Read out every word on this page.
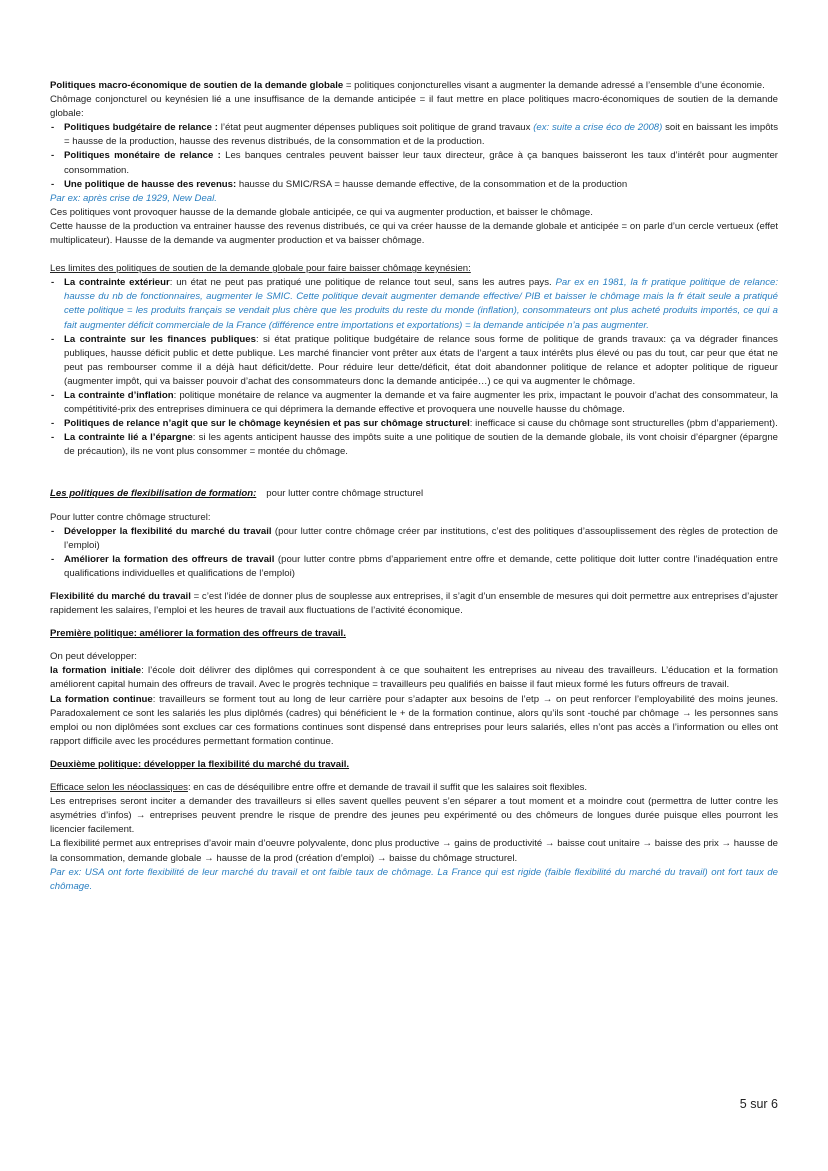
Politiques macro-économique de soutien de la demande globale = politiques conjoncturelles visant a augmenter la demande adressé a l’ensemble d’une économie.

Chômage conjoncturel ou keynésien lié a une insuffisance de la demande anticipée = il faut mettre en place politiques macro-économiques de soutien de la demande globale:

- Politiques budgétaire de relance : l’état peut augmenter dépenses publiques soit politique de grand travaux (ex: suite a crise éco de 2008) soit en baissant les impôts = hausse de la production, hausse des revenus distribués, de la consommation et de la production.
- Politiques monétaire de relance : Les banques centrales peuvent baisser leur taux directeur, grâce à ça banques baisseront les taux d’intérêt pour augmenter consommation.
- Une politique de hausse des revenus: hausse du SMIC/RSA = hausse demande effective, de la consommation et de la production

Par ex: après crise de 1929, New Deal.

Ces politiques vont provoquer hausse de la demande globale anticipée, ce qui va augmenter production, et baisser le chômage.

Cette hausse de la production va entrainer hausse des revenus distribués, ce qui va créer hausse de la demande globale et anticipée = on parle d’un cercle vertueux (effet multiplicateur). Hausse de la demande va augmenter production et va baisser chômage.

Les limites des politiques de soutien de la demande globale pour faire baisser chômage keynésien:

- La contrainte extérieur: un état ne peut pas pratiqué une politique de relance tout seul, sans les autres pays. Par ex en 1981, la fr pratique politique de relance: hausse du nb de fonctionnaires, augmenter le SMIC. Cette politique devait augmenter demande effective/ PIB et baisser le chômage mais la fr était seule a pratiqué cette politique = les produits français se vendait plus chère que les produits du reste du monde (inflation), consommateurs ont plus acheté produits importés, ce qui a fait augmenter déficit commerciale de la France (différence entre importations et exportations) = la demande anticipée n’a pas augmenter.
- La contrainte sur les finances publiques: si état pratique politique budgétaire de relance sous forme de politique de grands travaux: ça va dégrader finances publiques, hausse déficit public et dette publique. Les marché financier vont prêter aux états de l’argent a taux intérêts plus élevé ou pas du tout, car peur que état ne peut pas rembourser comme il a déjà haut déficit/dette. Pour réduire leur dette/déficit, état doit abandonner politique de relance et adopter politique de rigueur (augmenter impôt, qui va baisser pouvoir d’achat des consommateurs donc la demande anticipée…) ce qui va augmenter le chômage.
- La contrainte d’inflation: politique monétaire de relance va augmenter la demande et va faire augmenter les prix, impactant le pouvoir d’achat des consommateur, la compétitivité-prix des entreprises diminuera ce qui déprimera la demande effective et provoquera une nouvelle hausse du chômage.
- Politiques de relance n’agit que sur le chômage keynésien et pas sur chômage structurel: inefficace si cause du chômage sont structurelles (pbm d’appariement).
- La contrainte lié a l’épargne: si les agents anticipent hausse des impôts suite a une politique de soutien de la demande globale, ils vont choisir d’épargner (épargne de précaution), ils ne vont plus consommer = montée du chômage.

Les politiques de flexibilisation de formation: pour lutter contre chômage structurel

Pour lutter contre chômage structurel:

- Développer la flexibilité du marché du travail (pour lutter contre chômage créer par institutions, c’est des politiques d’assouplissement des règles de protection de l’emploi)
- Améliorer la formation des offreurs de travail (pour lutter contre pbms d’appariement entre offre et demande, cette politique doit lutter contre l’inadéquation entre qualifications individuelles et qualifications de l’emploi)

Flexibilité du marché du travail = c’est l’idée de donner plus de souplesse aux entreprises, il s’agit d’un ensemble de mesures qui doit permettre aux entreprises d’ajuster rapidement les salaires, l’emploi et les heures de travail aux fluctuations de l’activité économique.

Première politique: améliorer la formation des offreurs de travail.

On peut développer:

la formation initiale: l’école doit délivrer des diplômes qui correspondent à ce que souhaitent les entreprises au niveau des travailleurs. L’éducation et la formation améliorent capital humain des offreurs de travail. Avec le progrès technique = travailleurs peu qualifiés en baisse il faut mieux formé les futurs offreurs de travail.

La formation continue: travailleurs se forment tout au long de leur carrière pour s’adapter aux besoins de l’etp → on peut renforcer l’employabilité des moins jeunes. Paradoxalement ce sont les salariés les plus diplômés (cadres) qui bénéficient le + de la formation continue, alors qu’ils sont -touché par chômage → les personnes sans emploi ou non diplômées sont exclues car ces formations continues sont dispensé dans entreprises pour leurs salariés, elles n’ont pas accès a l’information ou elles ont rapport difficile avec les procédures permettant formation continue.

Deuxième politique: développer la flexibilité du marché du travail.

Efficace selon les néoclassiques: en cas de déséquilibre entre offre et demande de travail il suffit que les salaires soit flexibles.

Les entreprises seront inciter a demander des travailleurs si elles savent quelles peuvent s’en séparer a tout moment et a moindre cout (permettra de lutter contre les asymétries d’infos) → entreprises peuvent prendre le risque de prendre des jeunes peu expérimenté ou des chômeurs de longues durée puisque elles pourront les licencier facilement.

La flexibilité permet aux entreprises d’avoir main d’oeuvre polyvalente, donc plus productive → gains de productivité → baisse cout unitaire → baisse des prix → hausse de la consommation, demande globale → hausse de la prod (création d’emploi) → baisse du chômage structurel.

Par ex: USA ont forte flexibilité de leur marché du travail et ont faible taux de chômage. La France qui est rigide (faible flexibilité du marché du travail) ont fort taux de chômage.

5 sur 6
